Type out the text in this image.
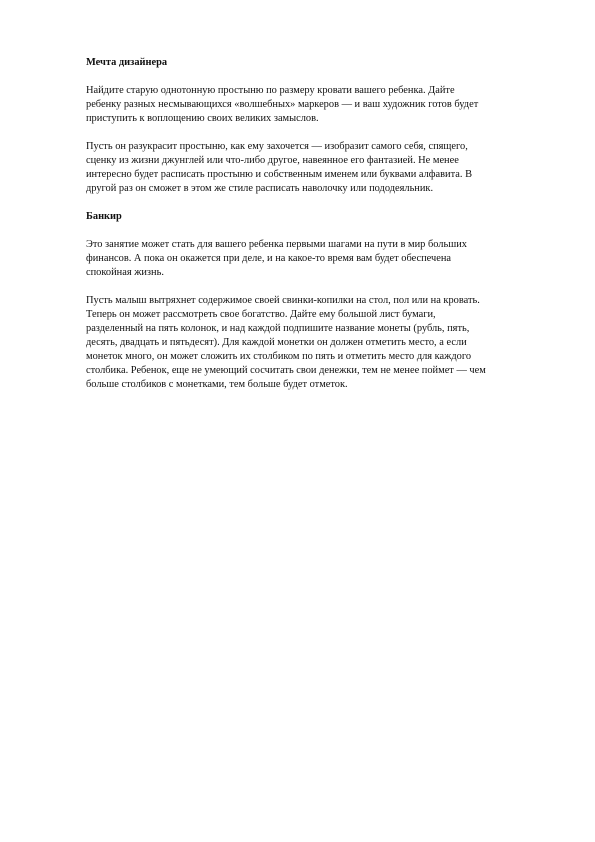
Мечта дизайнера
Найдите старую однотонную простыню по размеру кровати вашего ребенка. Дайте
ребенку разных несмывающихся «волшебных» маркеров — и ваш художник готов будет
приступить к воплощению своих великих замыслов.
Пусть он разукрасит простыню, как ему захочется — изобразит самого себя, спящего,
сценку из жизни джунглей или что-либо другое, навеянное его фантазией. Не менее
интересно будет расписать простыню и собственным именем или буквами алфавита. В
другой раз он сможет в этом же стиле расписать наволочку или пододеяльник.
Банкир
Это занятие может стать для вашего ребенка первыми шагами на пути в мир больших
финансов. А пока он окажется при деле, и на какое-то время вам будет обеспечена
спокойная жизнь.
Пусть малыш вытряхнет содержимое своей свинки-копилки на стол, пол или на кровать.
Теперь он может рассмотреть свое богатство. Дайте ему большой лист бумаги,
разделенный на пять колонок, и над каждой подпишите название монеты (рубль, пять,
десять, двадцать и пятьдесят). Для каждой монетки он должен отметить место, а если
монеток много, он может сложить их столбиком по пять и отметить место для каждого
столбика. Ребенок, еще не умеющий сосчитать свои денежки, тем не менее поймет — чем
больше столбиков с монетками, тем больше будет отметок.
